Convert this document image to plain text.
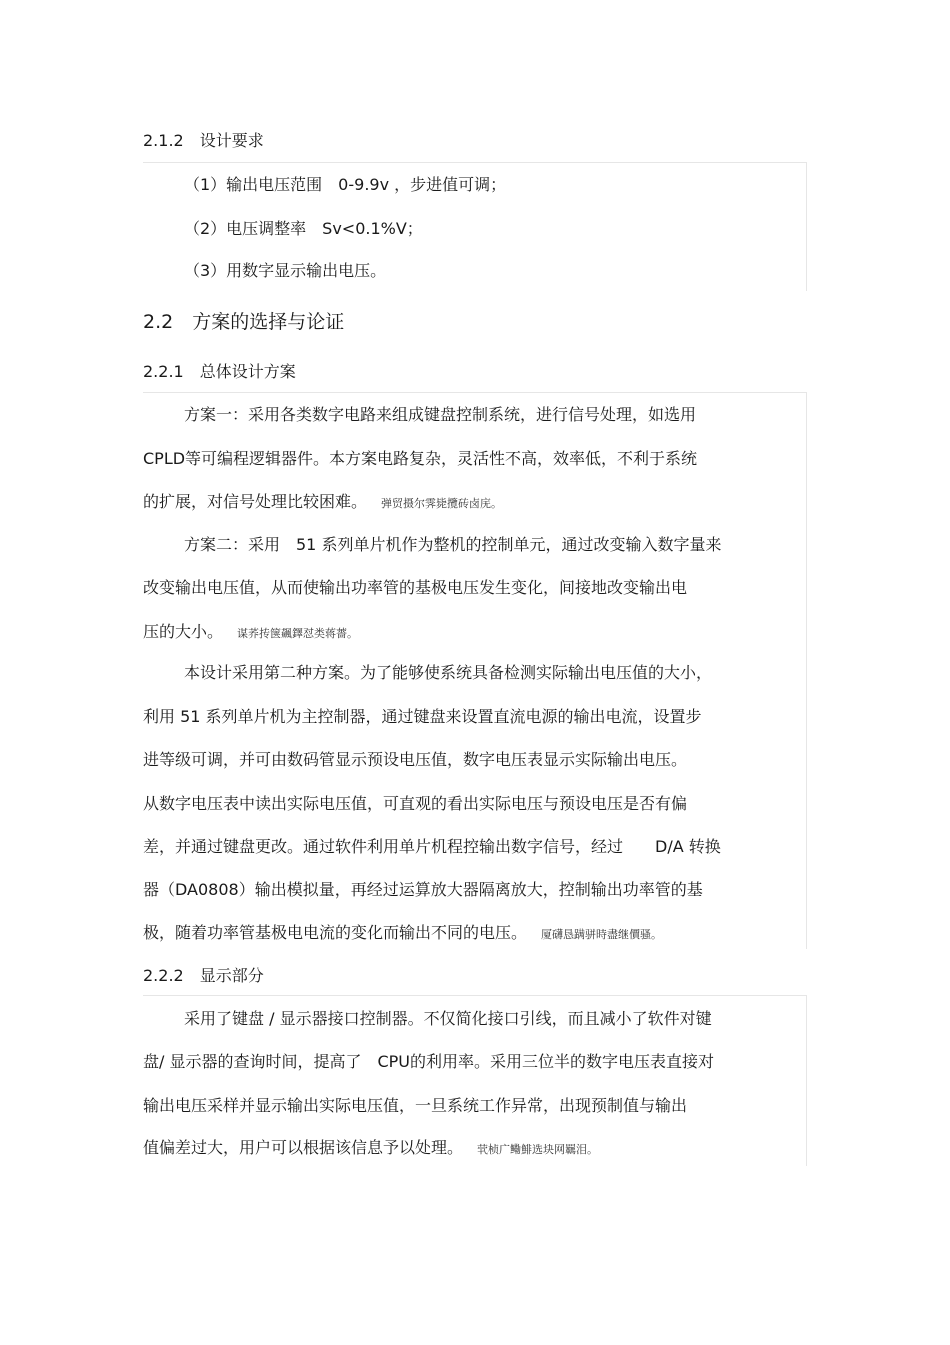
2.1.2　设计要求
（1）输出电压范围　0-9.9v ，步进值可调；
（2）电压调整率　Sv<0.1%V；
（3）用数字显示输出电压。
2.2　方案的选择与论证
2.2.1　总体设计方案
方案一：采用各类数字电路来组成键盘控制系统，进行信号处理，如选用
CPLD等可编程逻辑器件。本方案电路复杂，灵活性不高，效率低，不利于系统
的扩展，对信号处理比较困难。 弹贸摄尔霁毙攬砖卤庑。
方案二：采用　51 系列单片机作为整机的控制单元，通过改变输入数字量来
改变输出电压值，从而使输出功率管的基极电压发生变化，间接地改变输出电
压的大小。 谋荞抟箧飆鐸怼类蒋薔。
本设计采用第二种方案。为了能够使系统具备检测实际输出电压值的大小，
利用 51 系列单片机为主控制器，通过键盘来设置直流电源的输出电流，设置步
进等级可调，并可由数码管显示预设电压值，数字电压表显示实际输出电压。
从数字电压表中读出实际电压值，可直观的看出实际电压与预设电压是否有偏
差，并通过键盘更改。通过软件利用单片机程控输出数字信号，经过　　D/A 转换
器（DA0808）输出模拟量，再经过运算放大器隔离放大，控制输出功率管的基
极，随着功率管基极电电流的变化而输出不同的电压。 厦礴恳蹒骈時盡继價骚。
2.2.2　显示部分
采用了键盘 / 显示器接口控制器。不仅简化接口引线，而且减小了软件对键
盘/ 显示器的查询时间，提高了　CPU的利用率。采用三位半的数字电压表直接对
输出电压采样并显示输出实际电压值，一旦系统工作异常，出现预制值与输出
值偏差过大，用户可以根据该信息予以处理。 茕桢广鳓鯡选块网羈泪。
